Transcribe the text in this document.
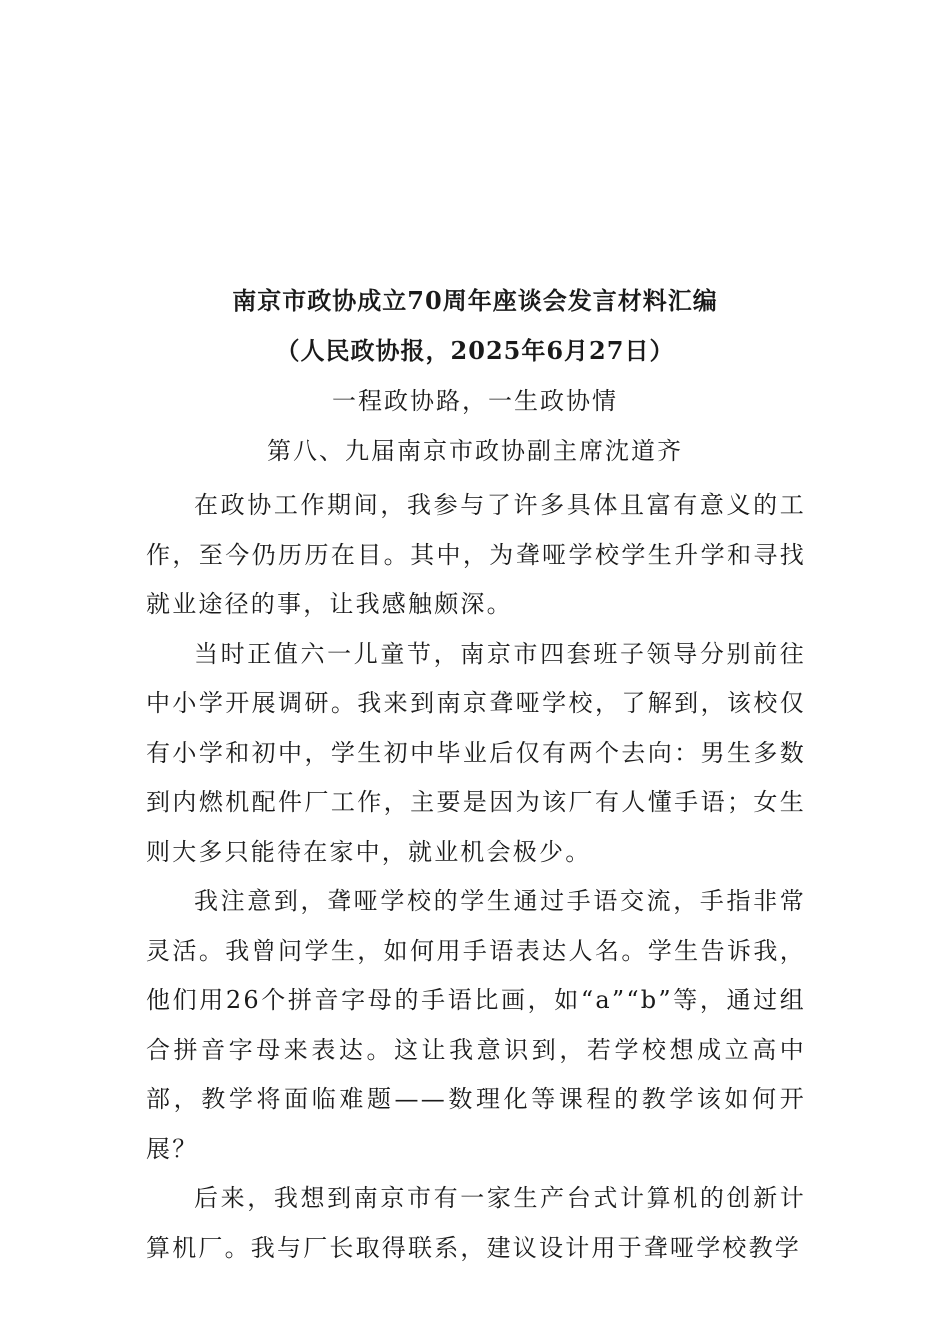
南京市政协成立70周年座谈会发言材料汇编
（人民政协报，2025年6月27日）
一程政协路，一生政协情
第八、九届南京市政协副主席沈道齐

在政协工作期间，我参与了许多具体且富有意义的工作，至今仍历历在目。其中，为聋哑学校学生升学和寻找就业途径的事，让我感触颇深。

当时正值六一儿童节，南京市四套班子领导分别前往中小学开展调研。我来到南京聋哑学校，了解到，该校仅有小学和初中，学生初中毕业后仅有两个去向：男生多数到内燃机配件厂工作，主要是因为该厂有人懂手语；女生则大多只能待在家中，就业机会极少。

我注意到，聋哑学校的学生通过手语交流，手指非常灵活。我曾问学生，如何用手语表达人名。学生告诉我，他们用26个拼音字母的手语比画，如“a”“b”等，通过组合拼音字母来表达。这让我意识到，若学校想成立高中部，教学将面临难题——数理化等课程的教学该如何开展？

后来，我想到南京市有一家生产台式计算机的创新计算机厂。我与厂长取得联系，建议设计用于聋哑学校教学
